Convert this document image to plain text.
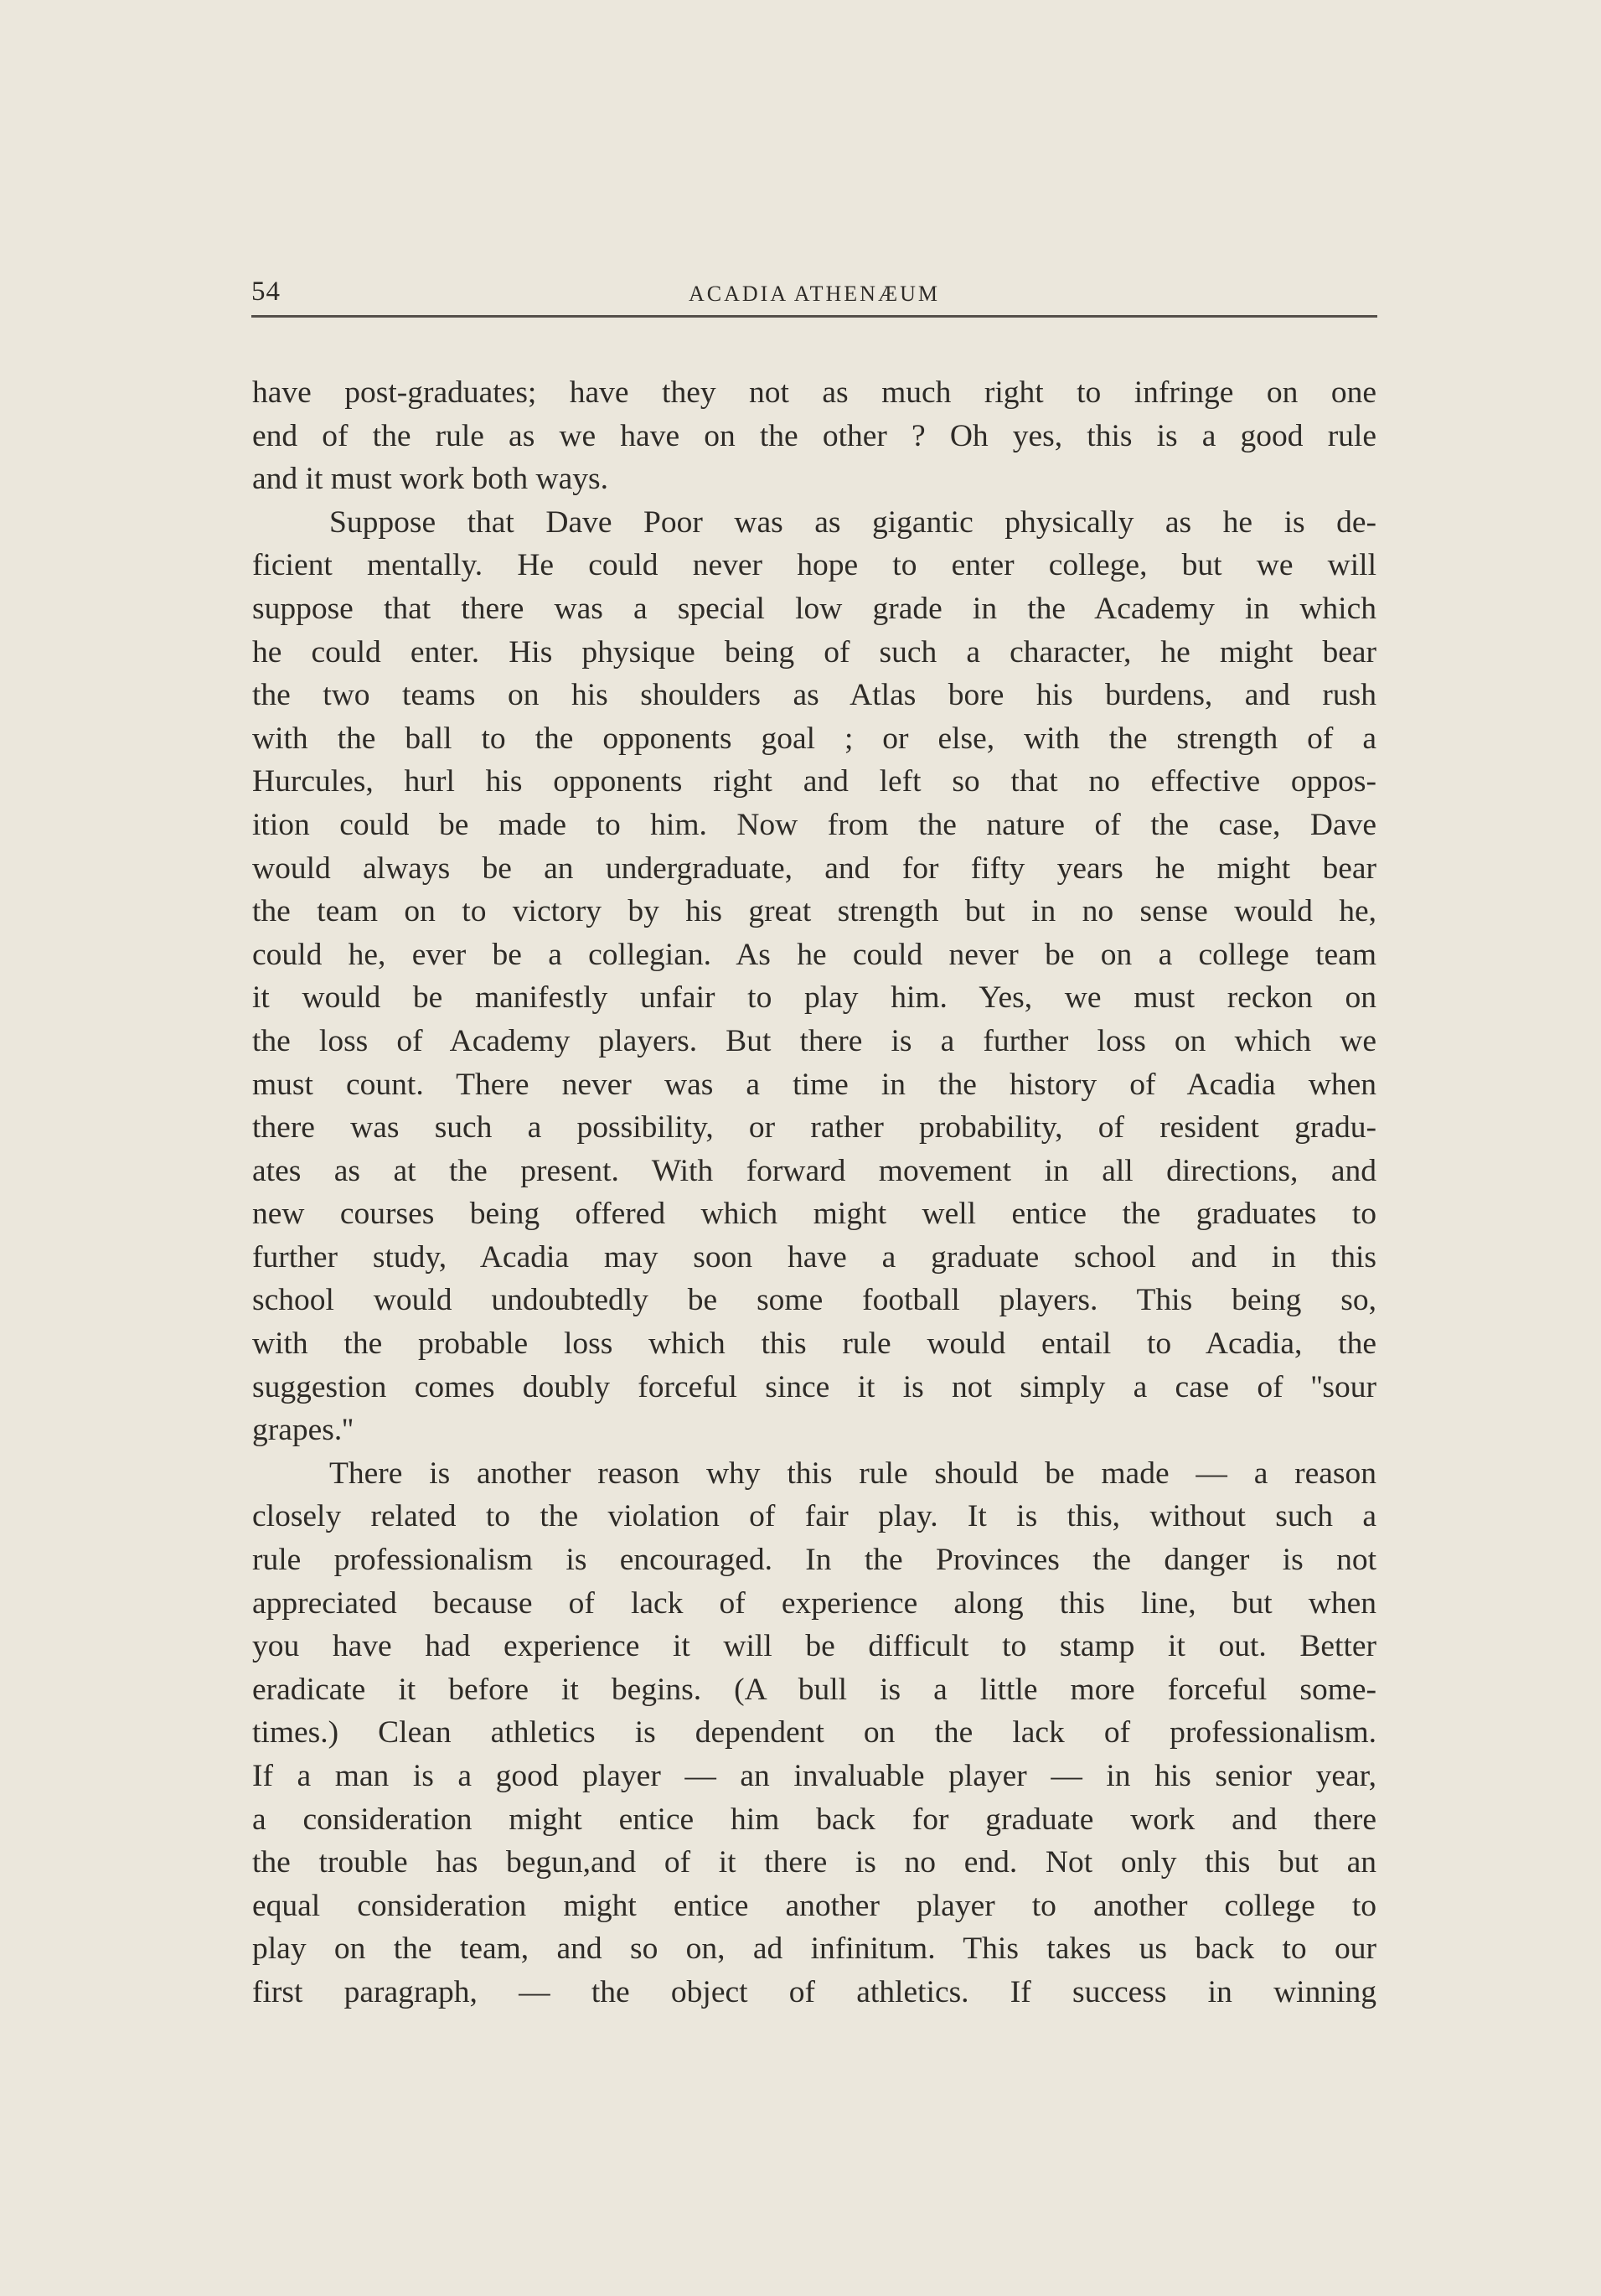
54	ACADIA ATHENÆUM
have post-graduates; have they not as much right to infringe on one
end of the rule as we have on the other ? Oh yes, this is a good rule
and it must work both ways.
Suppose that Dave Poor was as gigantic physically as he is de-
ficient mentally. He could never hope to enter college, but we will
suppose that there was a special low grade in the Academy in which
he could enter. His physique being of such a character, he might bear
the two teams on his shoulders as Atlas bore his burdens, and rush
with the ball to the opponents goal ; or else, with the strength of a
Hurcules, hurl his opponents right and left so that no effective oppos-
ition could be made to him. Now from the nature of the case, Dave
would always be an undergraduate, and for fifty years he might bear
the team on to victory by his great strength but in no sense would he,
could he, ever be a collegian. As he could never be on a college team
it would be manifestly unfair to play him. Yes, we must reckon on
the loss of Academy players. But there is a further loss on which we
must count. There never was a time in the history of Acadia when
there was such a possibility, or rather probability, of resident gradu-
ates as at the present. With forward movement in all directions, and
new courses being offered which might well entice the graduates to
further study, Acadia may soon have a graduate school and in this
school would undoubtedly be some football players. This being so,
with the probable loss which this rule would entail to Acadia, the
suggestion comes doubly forceful since it is not simply a case of ''sour
grapes.''
There is another reason why this rule should be made — a reason
closely related to the violation of fair play. It is this, without such a
rule professionalism is encouraged. In the Provinces the danger is not
appreciated because of lack of experience along this line, but when
you have had experience it will be difficult to stamp it out. Better
eradicate it before it begins. (A bull is a little more forceful some-
times.) Clean athletics is dependent on the lack of professionalism.
If a man is a good player — an invaluable player — in his senior year,
a consideration might entice him back for graduate work and there
the trouble has begun,and of it there is no end. Not only this but an
equal consideration might entice another player to another college to
play on the team, and so on, ad infinitum. This takes us back to our
first paragraph, — the object of athletics. If success in winning
